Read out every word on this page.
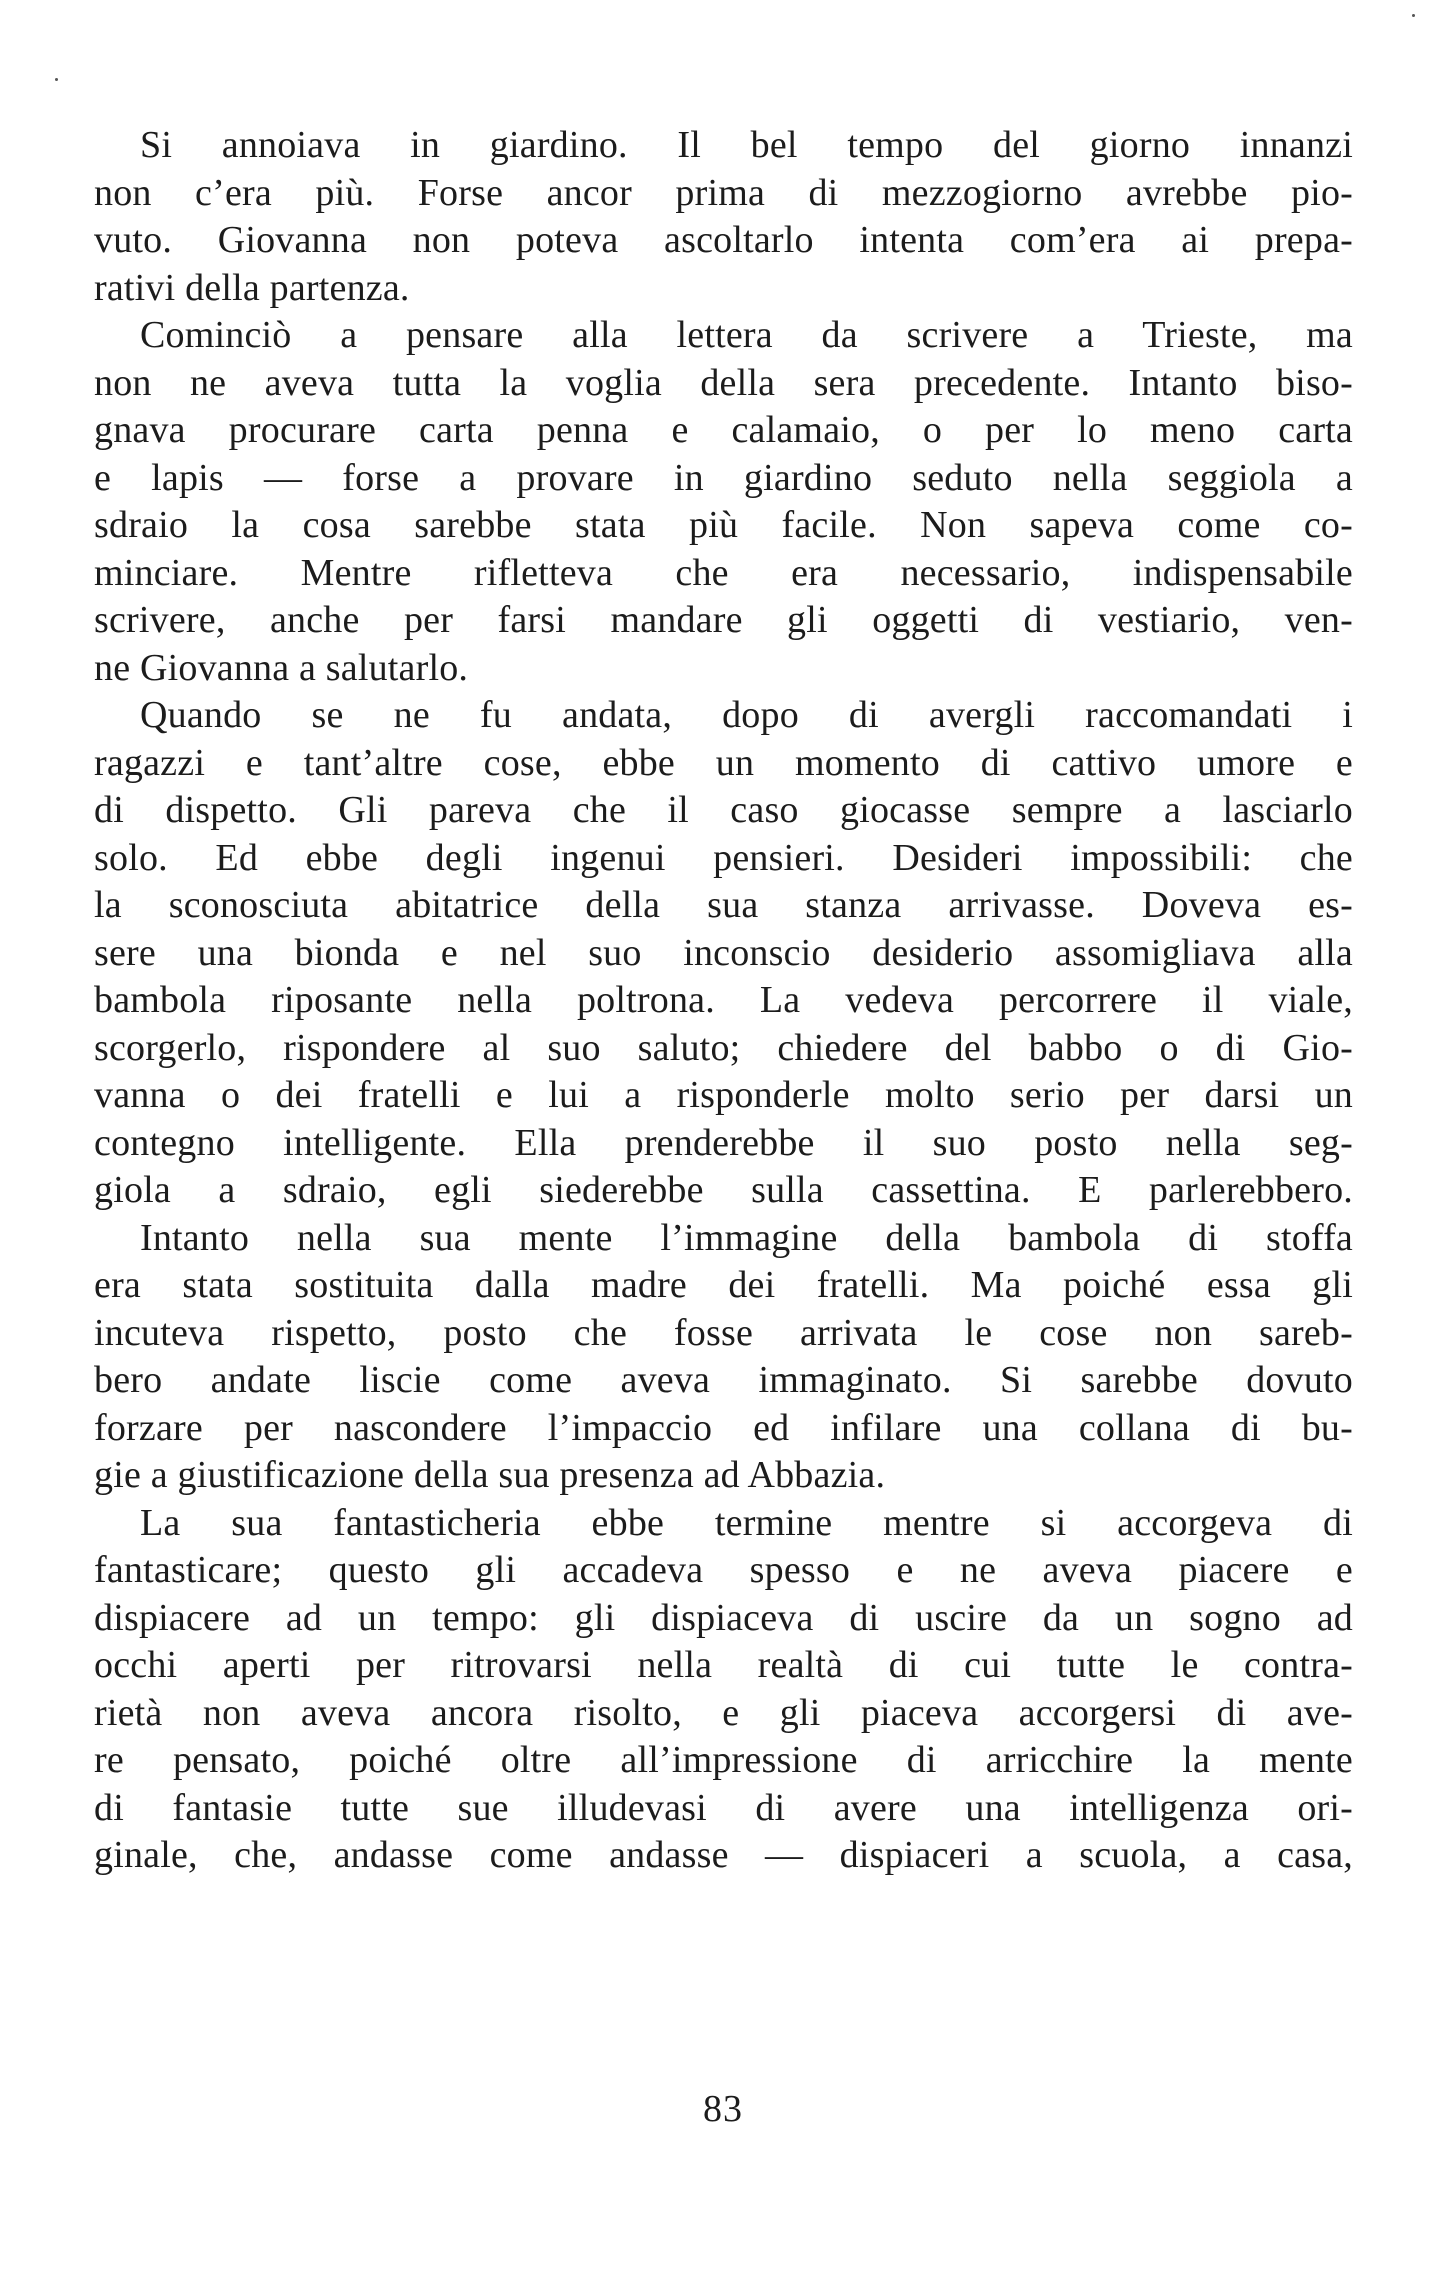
Si annoiava in giardino. Il bel tempo del giorno innanzi
non c’era più. Forse ancor prima di mezzogiorno avrebbe pio-
vuto. Giovanna non poteva ascoltarlo intenta com’era ai prepa-
rativi della partenza.
Cominciò a pensare alla lettera da scrivere a Trieste, ma
non ne aveva tutta la voglia della sera precedente. Intanto biso-
gnava procurare carta penna e calamaio, o per lo meno carta
e lapis — forse a provare in giardino seduto nella seggiola a
sdraio la cosa sarebbe stata più facile. Non sapeva come co-
minciare. Mentre rifletteva che era necessario, indispensabile
scrivere, anche per farsi mandare gli oggetti di vestiario, ven-
ne Giovanna a salutarlo.
Quando se ne fu andata, dopo di avergli raccomandati i
ragazzi e tant’altre cose, ebbe un momento di cattivo umore e
di dispetto. Gli pareva che il caso giocasse sempre a lasciarlo
solo. Ed ebbe degli ingenui pensieri. Desideri impossibili: che
la sconosciuta abitatrice della sua stanza arrivasse. Doveva es-
sere una bionda e nel suo inconscio desiderio assomigliava alla
bambola riposante nella poltrona. La vedeva percorrere il viale,
scorgerlo, rispondere al suo saluto; chiedere del babbo o di Gio-
vanna o dei fratelli e lui a risponderle molto serio per darsi un
contegno intelligente. Ella prenderebbe il suo posto nella seg-
giola a sdraio, egli siederebbe sulla cassettina. E parlerebbero.
Intanto nella sua mente l’immagine della bambola di stoffa
era stata sostituita dalla madre dei fratelli. Ma poiché essa gli
incuteva rispetto, posto che fosse arrivata le cose non sareb-
bero andate liscie come aveva immaginato. Si sarebbe dovuto
forzare per nascondere l’impaccio ed infilare una collana di bu-
gie a giustificazione della sua presenza ad Abbazia.
La sua fantasticheria ebbe termine mentre si accorgeva di
fantasticare; questo gli accadeva spesso e ne aveva piacere e
dispiacere ad un tempo: gli dispiaceva di uscire da un sogno ad
occhi aperti per ritrovarsi nella realtà di cui tutte le contra-
rietà non aveva ancora risolto, e gli piaceva accorgersi di ave-
re pensato, poiché oltre all’impressione di arricchire la mente
di fantasie tutte sue illudevasi di avere una intelligenza ori-
ginale, che, andasse come andasse — dispiaceri a scuola, a casa,
83
